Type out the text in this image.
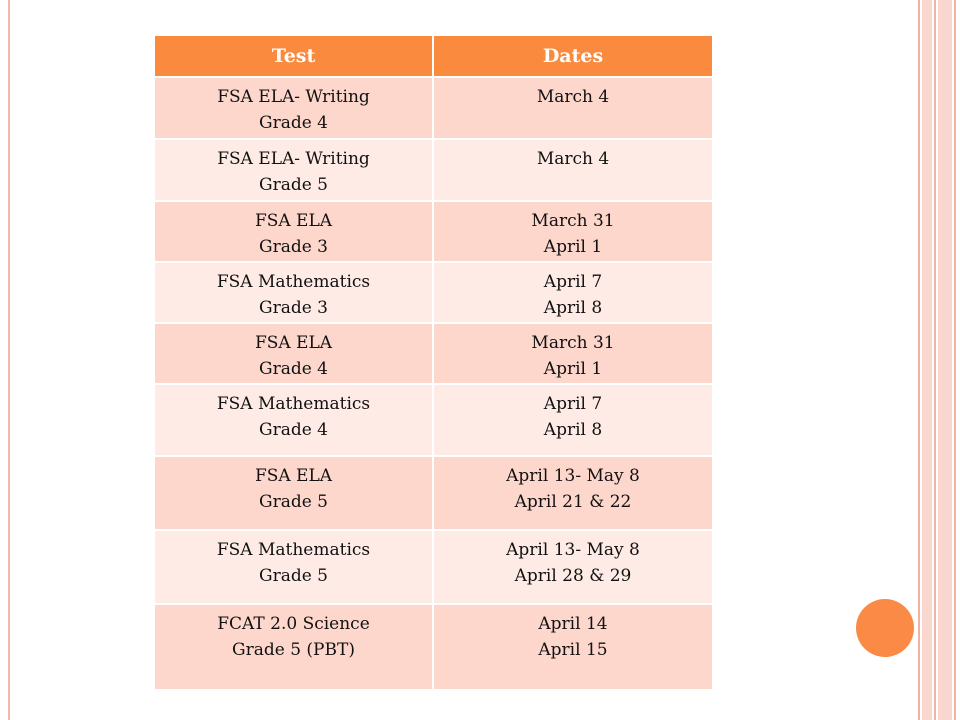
Test	Dates

FSA ELA- Writing
Grade 4	March 4

FSA ELA- Writing
Grade 5	March 4

FSA ELA
Grade 3	March 31
April 1

FSA Mathematics
Grade 3	April 7
April 8

FSA ELA
Grade 4	March 31
April 1

FSA Mathematics
Grade 4	April 7
April 8

FSA ELA
Grade 5	April 13- May 8
April 21 & 22

FSA Mathematics
Grade 5	April 13- May 8
April 28 & 29

FCAT 2.0 Science
Grade 5 (PBT)	April 14
April 15
